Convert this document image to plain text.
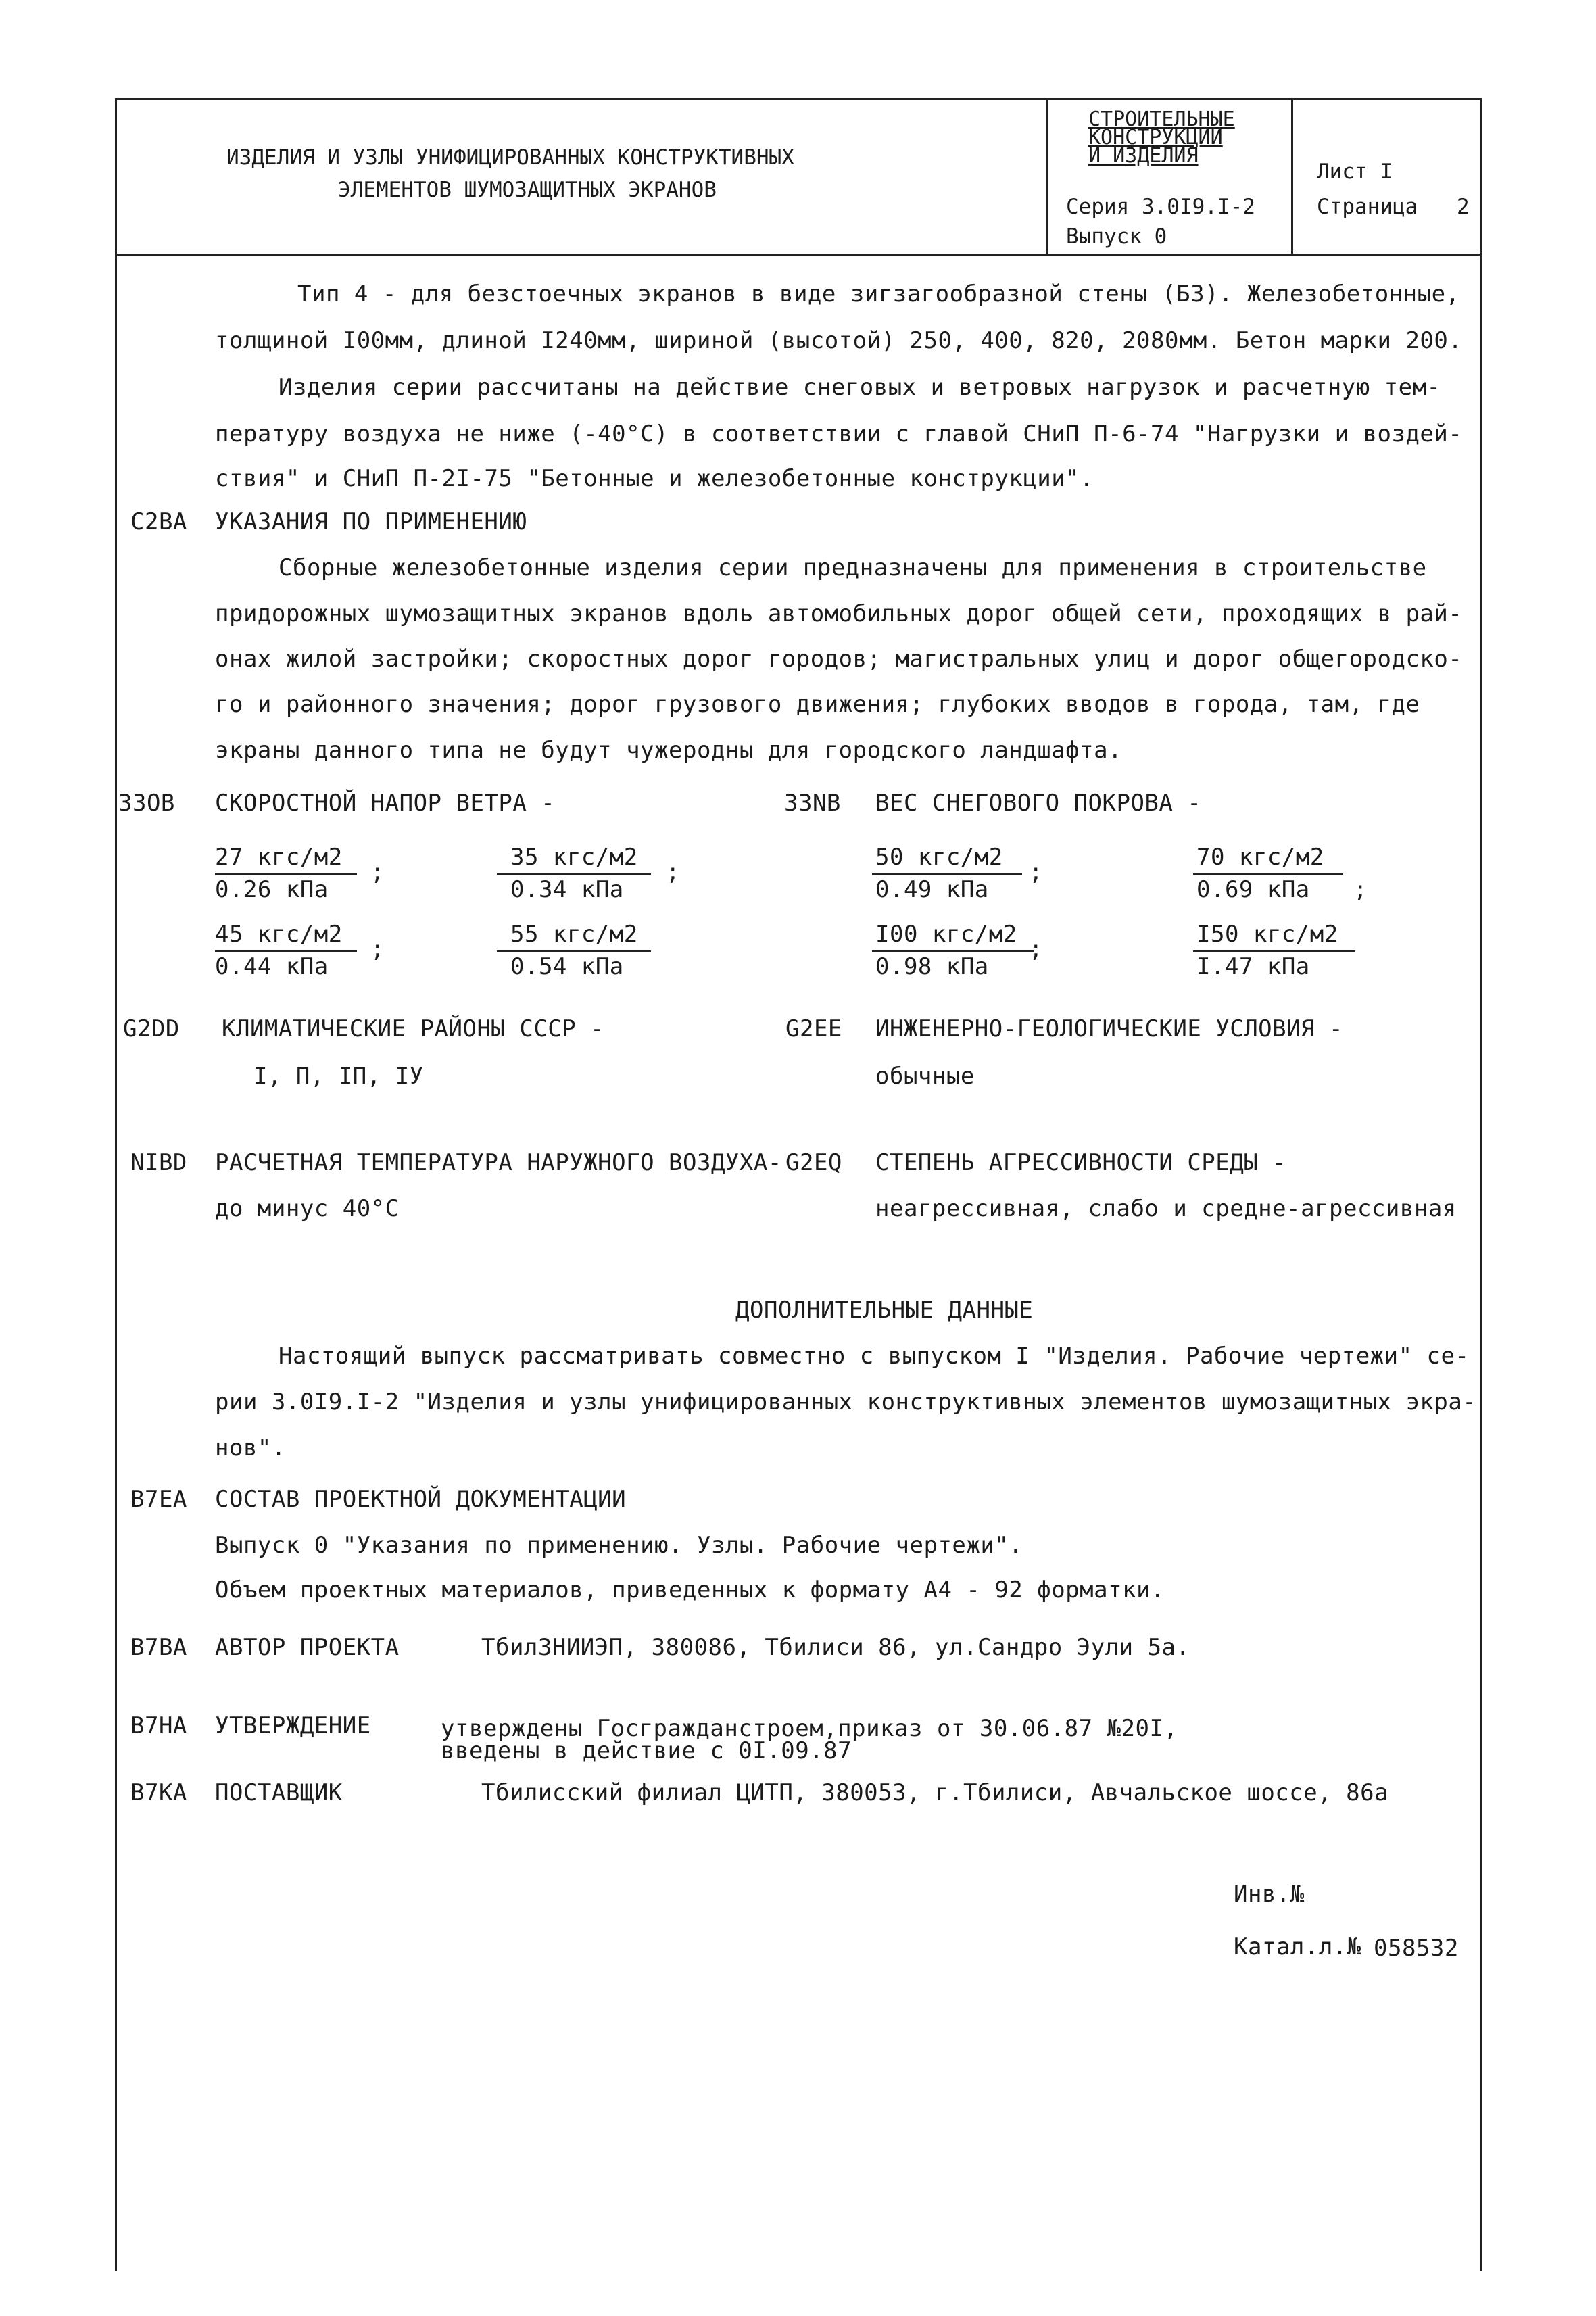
ИЗДЕЛИЯ И УЗЛЫ УНИФИЦИРОВАННЫХ КОНСТРУКТИВНЫХ
ЭЛЕМЕНТОВ ШУМОЗАЩИТНЫХ ЭКРАНОВ
СТРОИТЕЛЬНЫЕ
КОНСТРУКЦИИ
И ИЗДЕЛИЯ
Серия 3.0I9.I-2
Выпуск 0
Лист I
Страница 2
Тип 4 - для безстоечных экранов в виде зигзагообразной стены (Б3). Железобетонные,
толщиной I00мм, длиной I240мм, шириной (высотой) 250, 400, 820, 2080мм. Бетон марки 200.
Изделия серии рассчитаны на действие снеговых и ветровых нагрузок и расчетную тем-
пературу воздуха не ниже (-40°С) в соответствии с главой СНиП П-6-74 "Нагрузки и воздей-
ствия" и СНиП П-2I-75 "Бетонные и железобетонные конструкции".
С2ВА УКАЗАНИЯ ПО ПРИМЕНЕНИЮ
Сборные железобетонные изделия серии предназначены для применения в строительстве
придорожных шумозащитных экранов вдоль автомобильных дорог общей сети, проходящих в рай-
онах жилой застройки; скоростных дорог городов; магистральных улиц и дорог общегородско-
го и районного значения; дорог грузового движения; глубоких вводов в города, там, где
экраны данного типа не будут чужеродны для городского ландшафта.
ЗЗОВ СКОРОСТНОЙ НАПОР ВЕТРА -
27 кгс/м2
0.26 кПа
;
35 кгс/м2
0.34 кПа
;
45 кгс/м2
0.44 кПа
;
55 кгс/м2
0.54 кПа
ЗЗNВ ВЕС СНЕГОВОГО ПОКРОВА -
50 кгс/м2
0.49 кПа
;
70 кгс/м2
0.69 кПа ;
I00 кгс/м2
0.98 кПа
;
I50 кгс/м2
I.47 кПа
G2DD КЛИМАТИЧЕСКИЕ РАЙОНЫ СССР -
I, П, IП, IУ
G2ЕЕ ИНЖЕНЕРНО-ГЕОЛОГИЧЕСКИЕ УСЛОВИЯ -
обычные
NIBD РАСЧЕТНАЯ ТЕМПЕРАТУРА НАРУЖНОГО ВОЗДУХА-
до минус 40°С
G2EQ СТЕПЕНЬ АГРЕССИВНОСТИ СРЕДЫ -
неагрессивная, слабо и средне-агрессивная
ДОПОЛНИТЕЛЬНЫЕ ДАННЫЕ
Настоящий выпуск рассматривать совместно с выпуском I "Изделия. Рабочие чертежи" се-
рии 3.0I9.I-2 "Изделия и узлы унифицированных конструктивных элементов шумозащитных экра-
нов".
В7ЕА СОСТАВ ПРОЕКТНОЙ ДОКУМЕНТАЦИИ
Выпуск 0 "Указания по применению. Узлы. Рабочие чертежи".
Объем проектных материалов, приведенных к формату А4 - 92 форматки.
В7ВА АВТОР ПРОЕКТА	ТбилЗНИИЭП, 380086, Тбилиси 86, ул.Сандро Эули 5а.
В7НА УТВЕРЖДЕНИЕ	утверждены Госгражданстроем,приказ от 30.06.87 №20I,
введены в действие с 0I.09.87
В7КА ПОСТАВЩИК	Тбилисский филиал ЦИТП, 380053, г.Тбилиси, Авчальское шоссе, 86а
Инв.№
Катал.л.№ 058532
